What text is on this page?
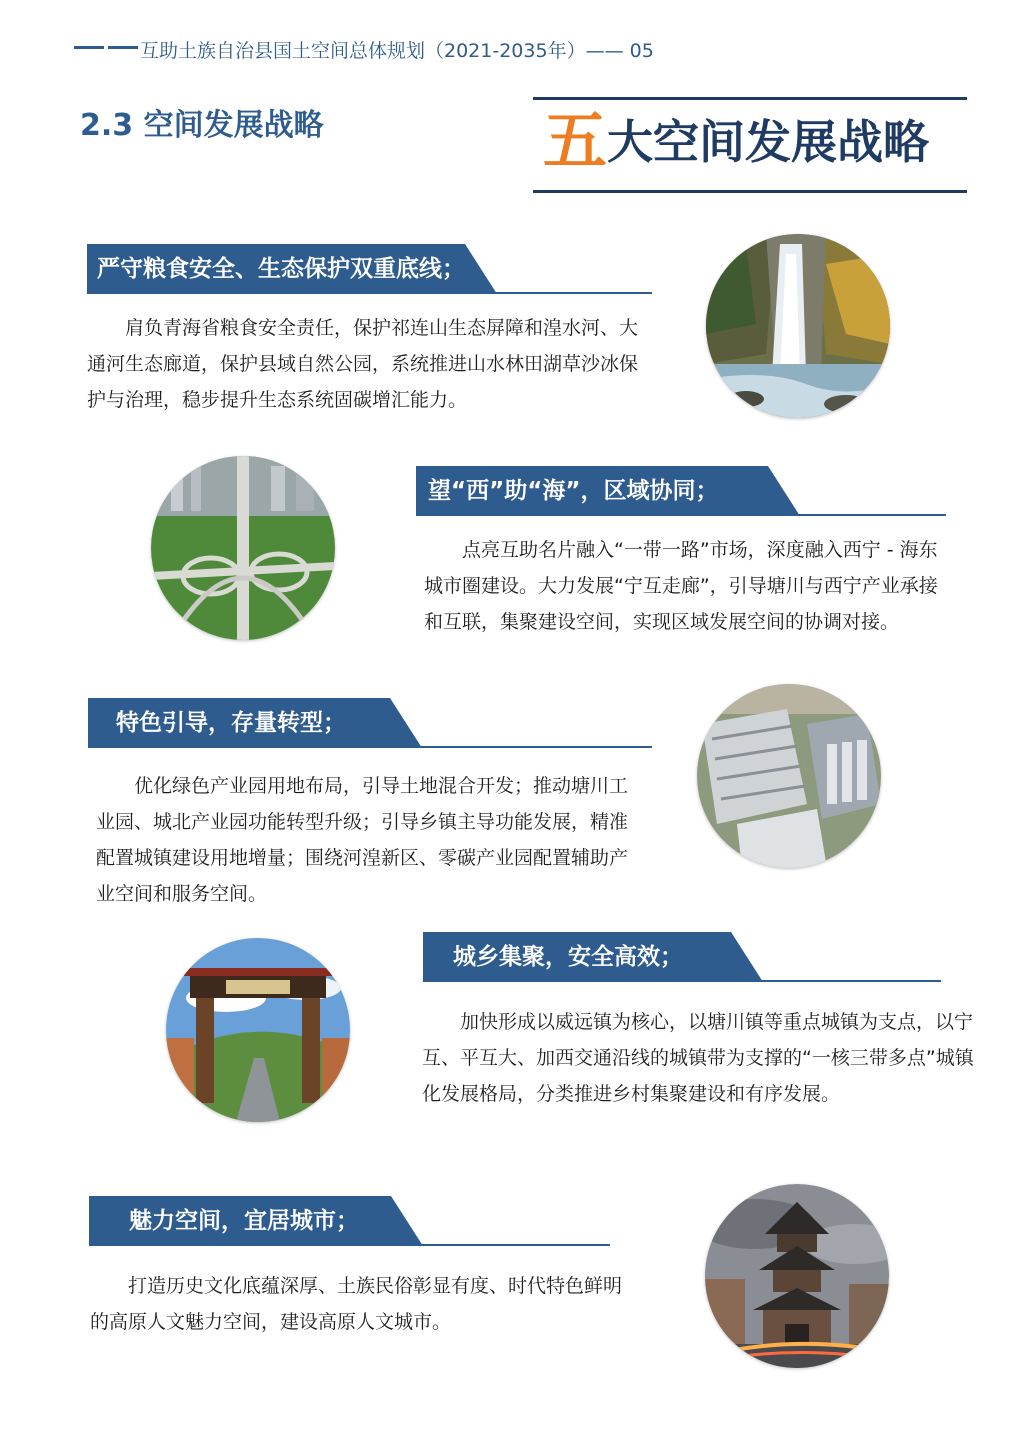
互助土族自治县国土空间总体规划（2021-2035年）—— 05
2.3 空间发展战略	五大空间发展战略
严守粮食安全、生态保护双重底线；
肩负青海省粮食安全责任，保护祁连山生态屏障和湟水河、大通河生态廊道，保护县域自然公园，系统推进山水林田湖草沙冰保护与治理，稳步提升生态系统固碳增汇能力。
望“西”助“海”，区域协同；
点亮互助名片融入“一带一路”市场，深度融入西宁 - 海东城市圈建设。大力发展“宁互走廊”，引导塘川与西宁产业承接和互联，集聚建设空间，实现区域发展空间的协调对接。
特色引导，存量转型；
优化绿色产业园用地布局，引导土地混合开发；推动塘川工业园、城北产业园功能转型升级；引导乡镇主导功能发展，精准配置城镇建设用地增量；围绕河湟新区、零碳产业园配置辅助产业空间和服务空间。
城乡集聚，安全高效；
加快形成以威远镇为核心，以塘川镇等重点城镇为支点，以宁互、平互大、加西交通沿线的城镇带为支撑的“一核三带多点”城镇化发展格局，分类推进乡村集聚建设和有序发展。
魅力空间，宜居城市；
打造历史文化底蕴深厚、土族民俗彰显有度、时代特色鲜明的高原人文魅力空间，建设高原人文城市。
